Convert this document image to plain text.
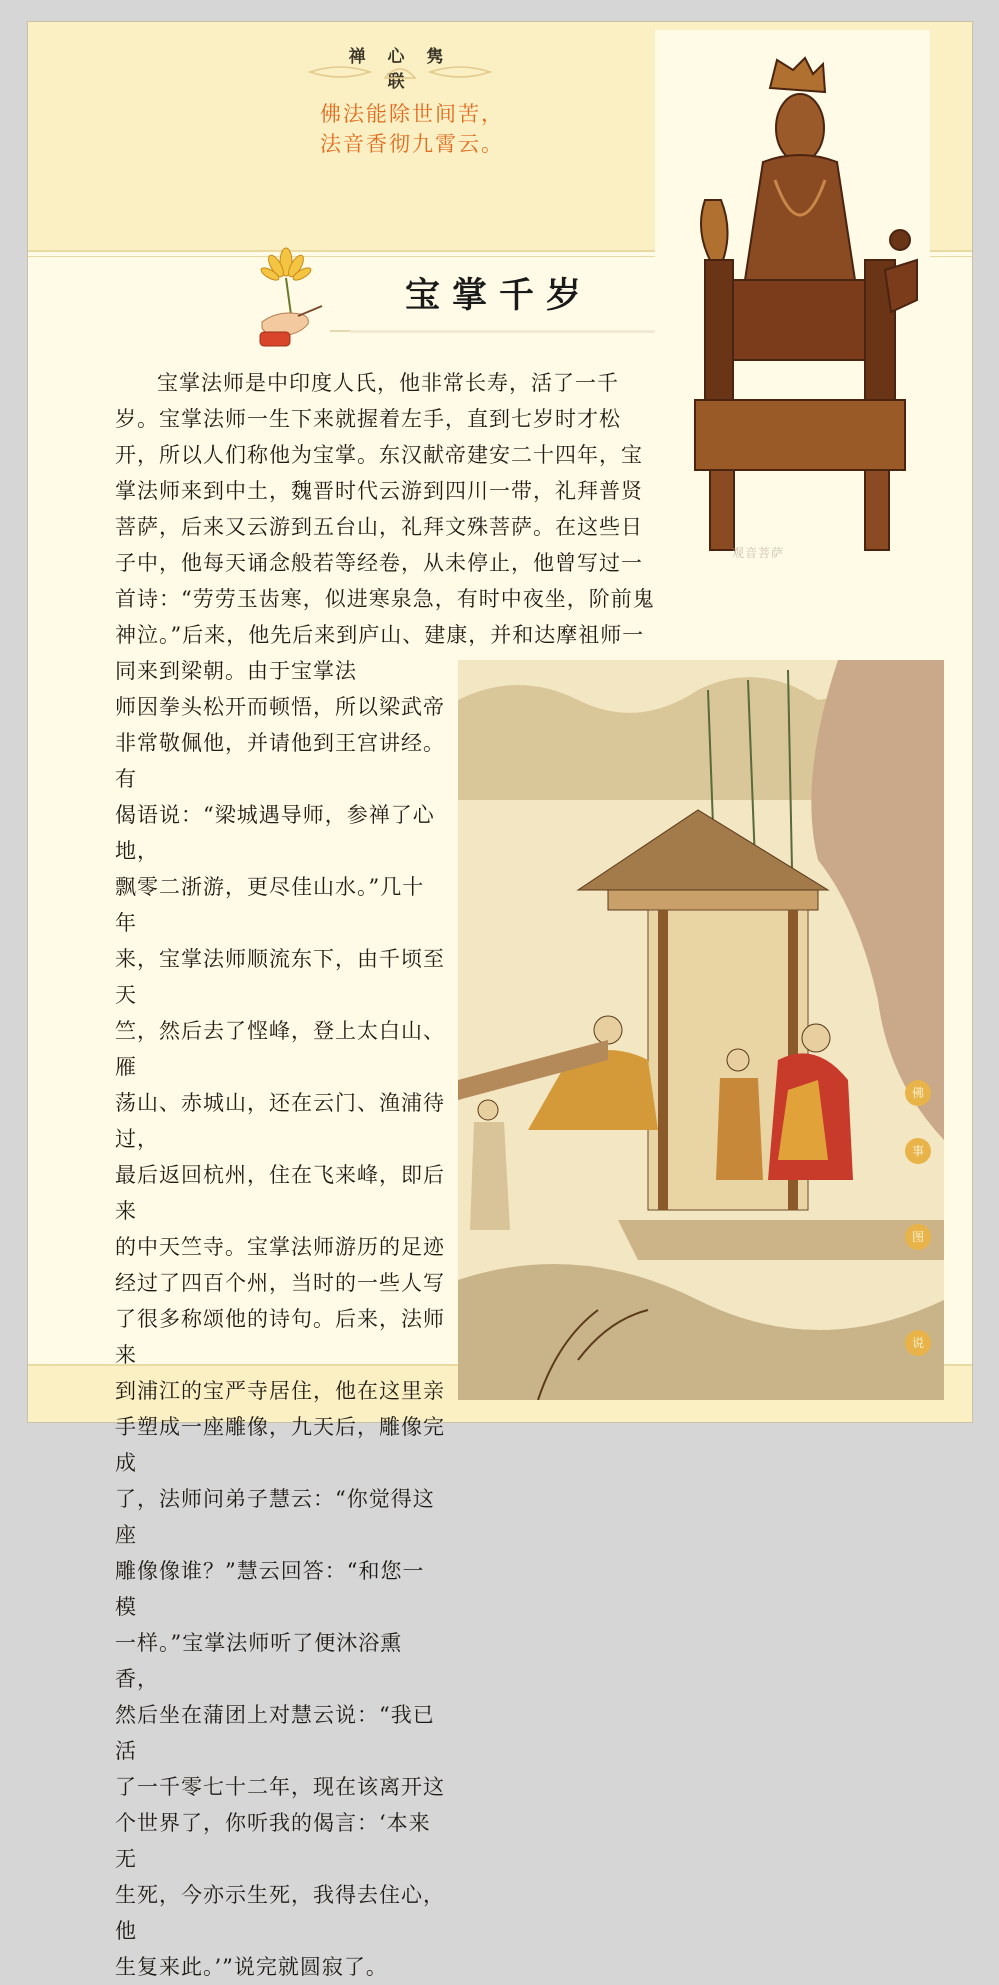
禅 心 隽 联
佛法能除世间苦，
法音香彻九霄云。
宝掌千岁
观音菩萨

宝掌法师是中印度人氏，他非常长寿，活了一千岁。宝掌法师一生下来就握着左手，直到七岁时才松开，所以人们称他为宝掌。东汉献帝建安二十四年，宝掌法师来到中土，魏晋时代云游到四川一带，礼拜普贤菩萨，后来又云游到五台山，礼拜文殊菩萨。在这些日子中，他每天诵念般若等经卷，从未停止，他曾写过一首诗：“劳劳玉齿寒，似进寒泉急，有时中夜坐，阶前鬼神泣。”后来，他先后来到庐山、建康，并和达摩祖师一同来到梁朝。由于宝掌法

师因拳头松开而顿悟，所以梁武帝
非常敬佩他，并请他到王宫讲经。有
偈语说：“梁城遇导师，参禅了心地，
飘零二浙游，更尽佳山水。”几十年
来，宝掌法师顺流东下，由千顷至天
竺，然后去了悭峰，登上太白山、雁
荡山、赤城山，还在云门、渔浦待过，
最后返回杭州，住在飞来峰，即后来
的中天竺寺。宝掌法师游历的足迹
经过了四百个州，当时的一些人写
了很多称颂他的诗句。后来，法师来
到浦江的宝严寺居住，他在这里亲
手塑成一座雕像，九天后，雕像完成
了，法师问弟子慧云：“你觉得这座
雕像像谁？”慧云回答：“和您一模
一样。”宝掌法师听了便沐浴熏香，
然后坐在蒲团上对慧云说：“我已活
了一千零七十二年，现在该离开这
个世界了，你听我的偈言：‘本来无
生死，今亦示生死，我得去住心，他
生复来此。’”说完就圆寂了。
佛
事
图
说
